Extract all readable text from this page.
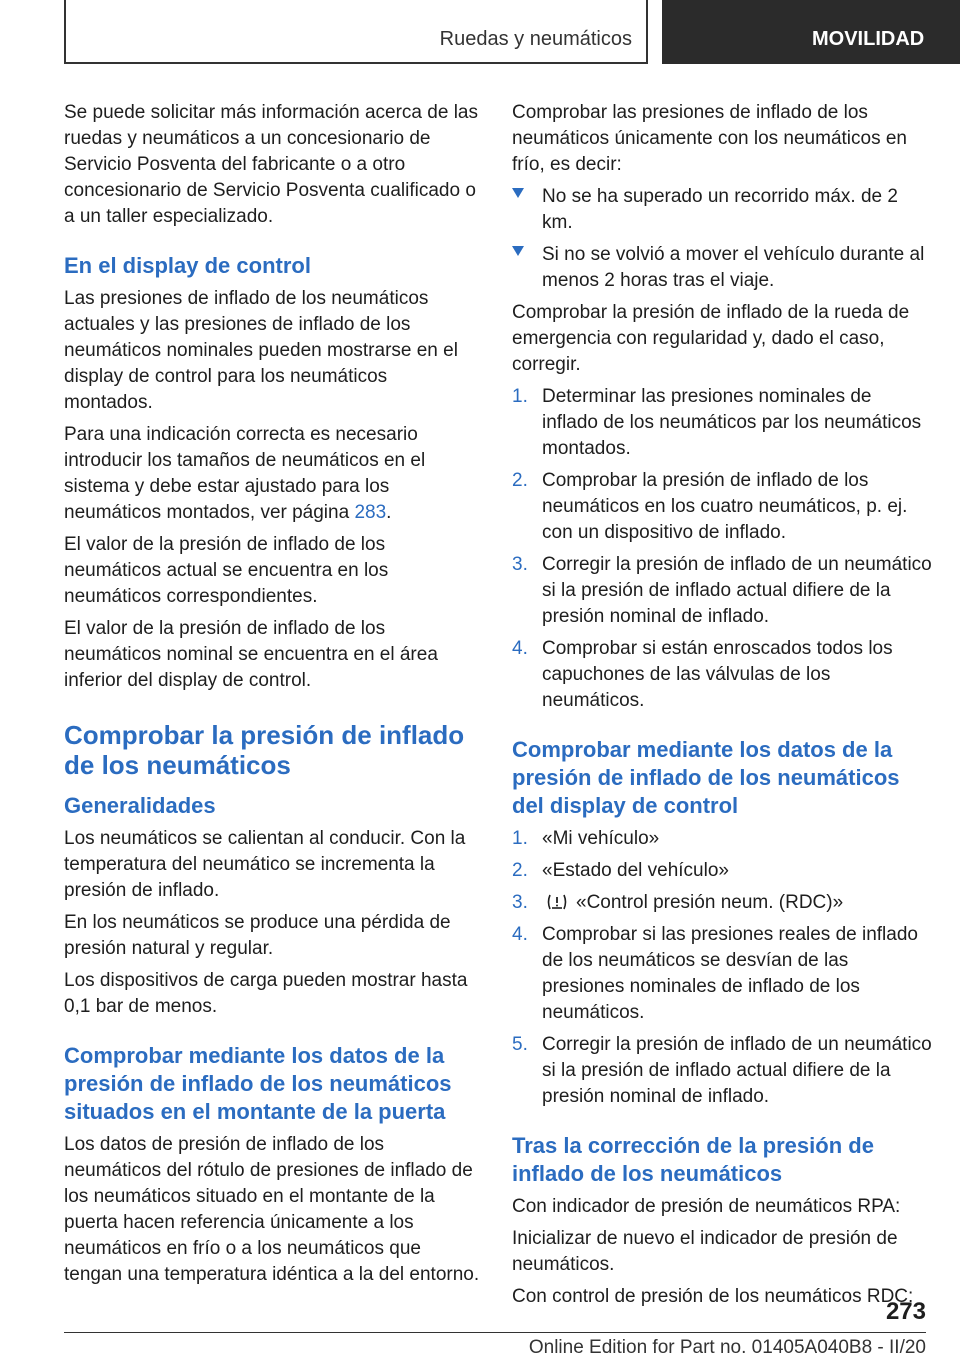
Ruedas y neumáticos	MOVILIDAD

Se puede solicitar más información acerca de las ruedas y neumáticos a un concesionario de Servicio Posventa del fabricante o a otro concesionario de Servicio Posventa cualificado o a un taller especializado.

En el display de control

Las presiones de inflado de los neumáticos actuales y las presiones de inflado de los neumáticos nominales pueden mostrarse en el display de control para los neumáticos montados.

Para una indicación correcta es necesario introducir los tamaños de neumáticos en el sistema y debe estar ajustado para los neumáticos montados, ver página 283.

El valor de la presión de inflado de los neumáticos actual se encuentra en los neumáticos correspondientes.

El valor de la presión de inflado de los neumáticos nominal se encuentra en el área inferior del display de control.

Comprobar la presión de inflado de los neumáticos
Generalidades

Los neumáticos se calientan al conducir. Con la temperatura del neumático se incrementa la presión de inflado.

En los neumáticos se produce una pérdida de presión natural y regular.

Los dispositivos de carga pueden mostrar hasta 0,1 bar de menos.

Comprobar mediante los datos de la presión de inflado de los neumáticos situados en el montante de la puerta

Los datos de presión de inflado de los neumáticos del rótulo de presiones de inflado de los neumáticos situado en el montante de la puerta hacen referencia únicamente a los neumáticos en frío o a los neumáticos que tengan una temperatura idéntica a la del entorno.

Comprobar las presiones de inflado de los neumáticos únicamente con los neumáticos en frío, es decir:

No se ha superado un recorrido máx. de 2 km.
Si no se volvió a mover el vehículo durante al menos 2 horas tras el viaje.

Comprobar la presión de inflado de la rueda de emergencia con regularidad y, dado el caso, corregir.

1. Determinar las presiones nominales de inflado de los neumáticos par los neumáticos montados.
2. Comprobar la presión de inflado de los neumáticos en los cuatro neumáticos, p. ej. con un dispositivo de inflado.
3. Corregir la presión de inflado de un neumático si la presión de inflado actual difiere de la presión nominal de inflado.
4. Comprobar si están enroscados todos los capuchones de las válvulas de los neumáticos.
Comprobar mediante los datos de la presión de inflado de los neumáticos del display de control
1. «Mi vehículo»
2. «Estado del vehículo»
3.	«Control presión neum. (RDC)»
4. Comprobar si las presiones reales de inflado de los neumáticos se desvían de las presiones nominales de inflado de los neumáticos.
5. Corregir la presión de inflado de un neumático si la presión de inflado actual difiere de la presión nominal de inflado.
Tras la corrección de la presión de inflado de los neumáticos

Con indicador de presión de neumáticos RPA:

Inicializar de nuevo el indicador de presión de neumáticos.

Con control de presión de los neumáticos RDC:

273
Online Edition for Part no. 01405A040B8 - II/20
